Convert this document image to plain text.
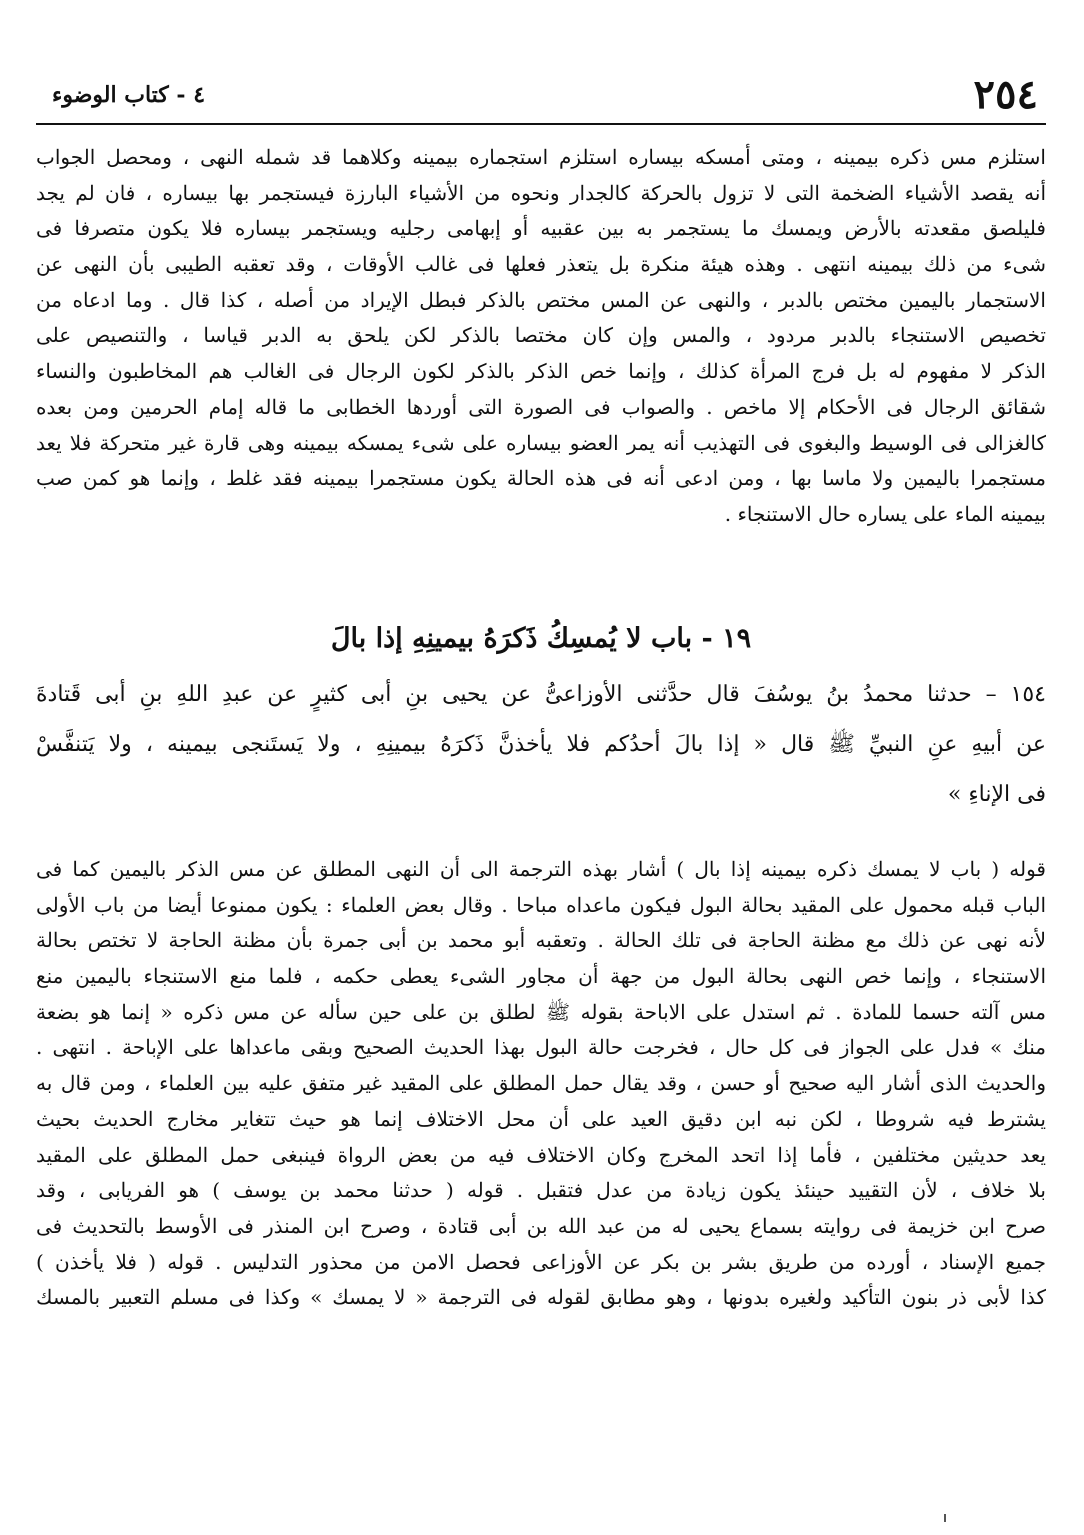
٢٥٤
٤ - كتاب الوضوء
استلزم مس ذكره بيمينه ، ومتى أمسكه بيساره استلزم استجماره بيمينه وكلاهما قد شمله النهى ، ومحصل الجواب
أنه يقصد الأشياء الضخمة التى لا تزول بالحركة كالجدار ونحوه من الأشياء البارزة فيستجمر بها بيساره ، فان لم يجد
فليلصق مقعدته بالأرض ويمسك ما يستجمر به بين عقبيه أو إبهامى رجليه ويستجمر بيساره فلا يكون متصرفا فى
شىء من ذلك بيمينه انتهى . وهذه هيئة منكرة بل يتعذر فعلها فى غالب الأوقات ، وقد تعقبه الطيبى بأن النهى عن
الاستجمار باليمين مختص بالدبر ، والنهى عن المس مختص بالذكر فبطل الإيراد من أصله ، كذا قال . وما ادعاه من
تخصيص الاستنجاء بالدبر مردود ، والمس وإن كان مختصا بالذكر لكن يلحق به الدبر قياسا ، والتنصيص على
الذكر لا مفهوم له بل فرج المرأة كذلك ، وإنما خص الذكر بالذكر لكون الرجال فى الغالب هم المخاطبون والنساء
شقائق الرجال فى الأحكام إلا ماخص . والصواب فى الصورة التى أوردها الخطابى ما قاله إمام الحرمين ومن بعده
كالغزالى فى الوسيط والبغوى فى التهذيب أنه يمر العضو بيساره على شىء يمسكه بيمينه وهى قارة غير متحركة فلا يعد
مستجمرا باليمين ولا ماسا بها ، ومن ادعى أنه فى هذه الحالة يكون مستجمرا بيمينه فقد غلط ، وإنما هو كمن صب
بيمينه الماء على يساره حال الاستنجاء .
١٩ - باب لا يُمسِكُ ذَكرَهُ بيمينِهِ إذا بالَ
١٥٤ – حدثنا محمدُ بنُ يوسُفَ قال حدَّثنى الأوزاعىُّ عن يحيى بنِ أبى كثيرٍ عن عبدِ اللهِ بنِ أبى قَتادةَ
عن أبيهِ عنِ النبيِّ ﷺ قال « إذا بالَ أحدُكم فلا يأخذنَّ ذَكرَهُ بيمينِهِ ، ولا يَستَنجى بيمينه ، ولا يَتنفَّسْ
فى الإناءِ »
قوله ( باب لا يمسك ذكره بيمينه إذا بال ) أشار بهذه الترجمة الى أن النهى المطلق عن مس الذكر باليمين كما فى
الباب قبله محمول على المقيد بحالة البول فيكون ماعداه مباحا . وقال بعض العلماء : يكون ممنوعا أيضا من باب الأولى
لأنه نهى عن ذلك مع مظنة الحاجة فى تلك الحالة . وتعقبه أبو محمد بن أبى جمرة بأن مظنة الحاجة لا تختص بحالة
الاستنجاء ، وإنما خص النهى بحالة البول من جهة أن مجاور الشىء يعطى حكمه ، فلما منع الاستنجاء باليمين منع
مس آلته حسما للمادة . ثم استدل على الاباحة بقوله ﷺ لطلق بن على حين سأله عن مس ذكره « إنما هو بضعة
منك » فدل على الجواز فى كل حال ، فخرجت حالة البول بهذا الحديث الصحيح وبقى ماعداها على الإباحة . انتهى .
والحديث الذى أشار اليه صحيح أو حسن ، وقد يقال حمل المطلق على المقيد غير متفق عليه بين العلماء ، ومن قال به
يشترط فيه شروطا ، لكن نبه ابن دقيق العيد على أن محل الاختلاف إنما هو حيث تتغاير مخارج الحديث بحيث
يعد حديثين مختلفين ، فأما إذا اتحد المخرج وكان الاختلاف فيه من بعض الرواة فينبغى حمل المطلق على المقيد
بلا خلاف ، لأن التقييد حينئذ يكون زيادة من عدل فتقبل . قوله ( حدثنا محمد بن يوسف ) هو الفريابى ، وقد
صرح ابن خزيمة فى روايته بسماع يحيى له من عبد الله بن أبى قتادة ، وصرح ابن المنذر فى الأوسط بالتحديث فى
جميع الإسناد ، أورده من طريق بشر بن بكر عن الأوزاعى فحصل الامن من محذور التدليس . قوله ( فلا يأخذن )
كذا لأبى ذر بنون التأكيد ولغيره بدونها ، وهو مطابق لقوله فى الترجمة « لا يمسك » وكذا فى مسلم التعبير بالمسك
